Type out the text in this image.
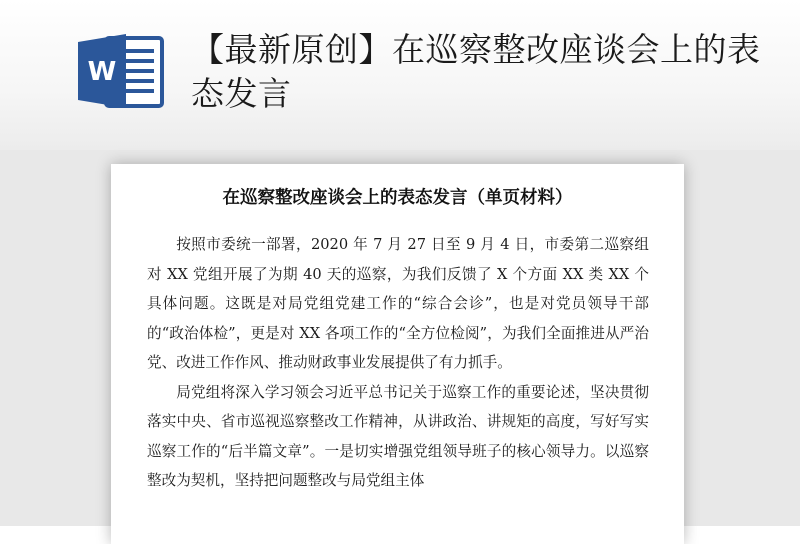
W
【最新原创】在巡察整改座谈会上的表态发言
在巡察整改座谈会上的表态发言（单页材料）

按照市委统一部署，2020 年 7 月 27 日至 9 月 4 日，市委第二巡察组对 XX 党组开展了为期 40 天的巡察，为我们反馈了 X 个方面 XX 类 XX 个具体问题。这既是对局党组党建工作的“综合会诊”，也是对党员领导干部的“政治体检”，更是对 XX 各项工作的“全方位检阅”，为我们全面推进从严治党、改进工作作风、推动财政事业发展提供了有力抓手。

局党组将深入学习领会习近平总书记关于巡察工作的重要论述，坚决贯彻落实中央、省市巡视巡察整改工作精神，从讲政治、讲规矩的高度，写好写实巡察工作的“后半篇文章”。一是切实增强党组领导班子的核心领导力。以巡察整改为契机，坚持把问题整改与局党组主体
